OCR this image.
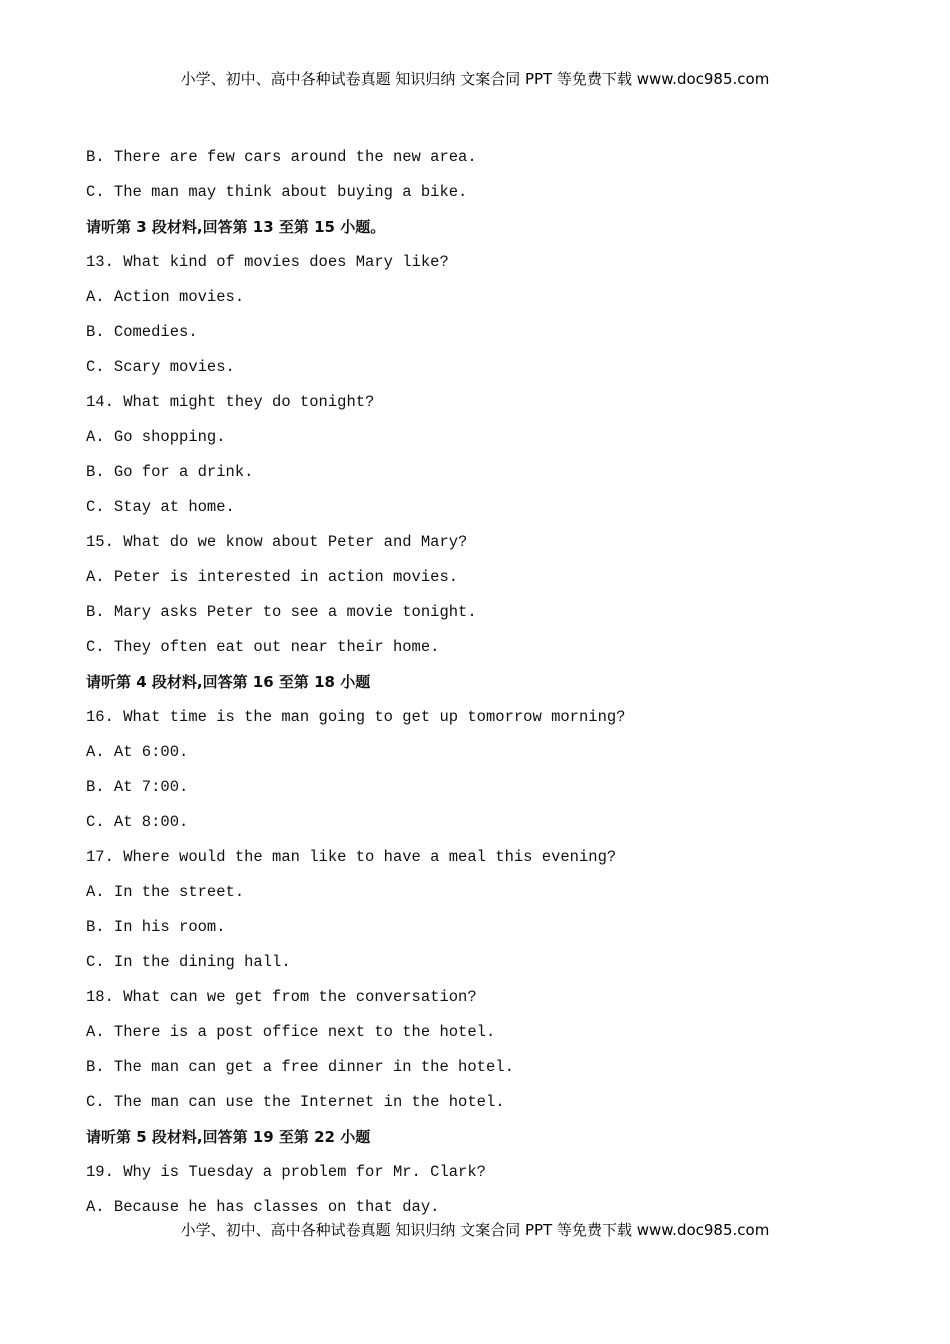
小学、初中、高中各种试卷真题 知识归纳 文案合同 PPT 等免费下载 www.doc985.com
B. There are few cars around the new area.
C. The man may think about buying a bike.
请听第 3 段材料,回答第 13 至第 15 小题。
13. What kind of movies does Mary like?
A. Action movies.
B. Comedies.
C. Scary movies.
14. What might they do tonight?
A. Go shopping.
B. Go for a drink.
C. Stay at home.
15. What do we know about Peter and Mary?
A. Peter is interested in action movies.
B. Mary asks Peter to see a movie tonight.
C. They often eat out near their home.
请听第 4 段材料,回答第 16 至第 18 小题
16. What time is the man going to get up tomorrow morning?
A. At 6:00.
B. At 7:00.
C. At 8:00.
17. Where would the man like to have a meal this evening?
A. In the street.
B. In his room.
C. In the dining hall.
18. What can we get from the conversation?
A. There is a post office next to the hotel.
B. The man can get a free dinner in the hotel.
C. The man can use the Internet in the hotel.
请听第 5 段材料,回答第 19 至第 22 小题
19. Why is Tuesday a problem for Mr. Clark?
A. Because he has classes on that day.
小学、初中、高中各种试卷真题 知识归纳 文案合同 PPT 等免费下载 www.doc985.com
